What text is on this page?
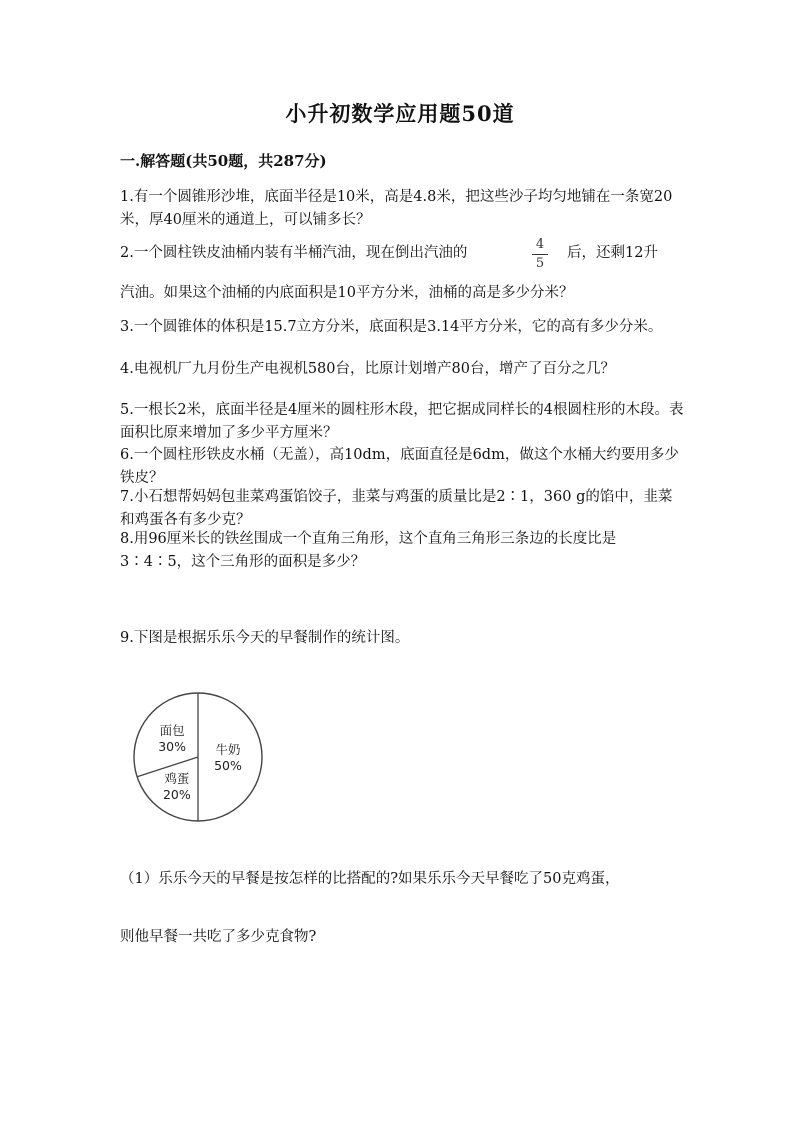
小升初数学应用题50道
一.解答题(共50题，共287分)

1.有一个圆锥形沙堆，底面半径是10米，高是4.8米，把这些沙子均匀地铺在一条宽20米，厚40厘米的通道上，可以铺多长？

2.一个圆柱铁皮油桶内装有半桶汽油，现在倒出汽油的
4
5
后，还剩12升
汽油。如果这个油桶的内底面积是10平方分米，油桶的高是多少分米？

3.一个圆锥体的体积是15.7立方分米，底面积是3.14平方分米，它的高有多少分米。

4.电视机厂九月份生产电视机580台，比原计划增产80台，增产了百分之几？

5.一根长2米，底面半径是4厘米的圆柱形木段，把它据成同样长的4根圆柱形的木段。表面积比原来增加了多少平方厘米？

6.一个圆柱形铁皮水桶（无盖），高10dm，底面直径是6dm，做这个水桶大约要用多少铁皮？

7.小石想帮妈妈包韭菜鸡蛋馅饺子，韭菜与鸡蛋的质量比是2∶1，360 g的馅中，韭菜和鸡蛋各有多少克？

8.用96厘米长的铁丝围成一个直角三角形，这个直角三角形三条边的长度比是3∶4∶5，这个三角形的面积是多少？

9.下图是根据乐乐今天的早餐制作的统计图。

牛奶
50%
鸡蛋
20%
面包
30%
（1）乐乐今天的早餐是按怎样的比搭配的?如果乐乐今天早餐吃了50克鸡蛋，
则他早餐一共吃了多少克食物?
